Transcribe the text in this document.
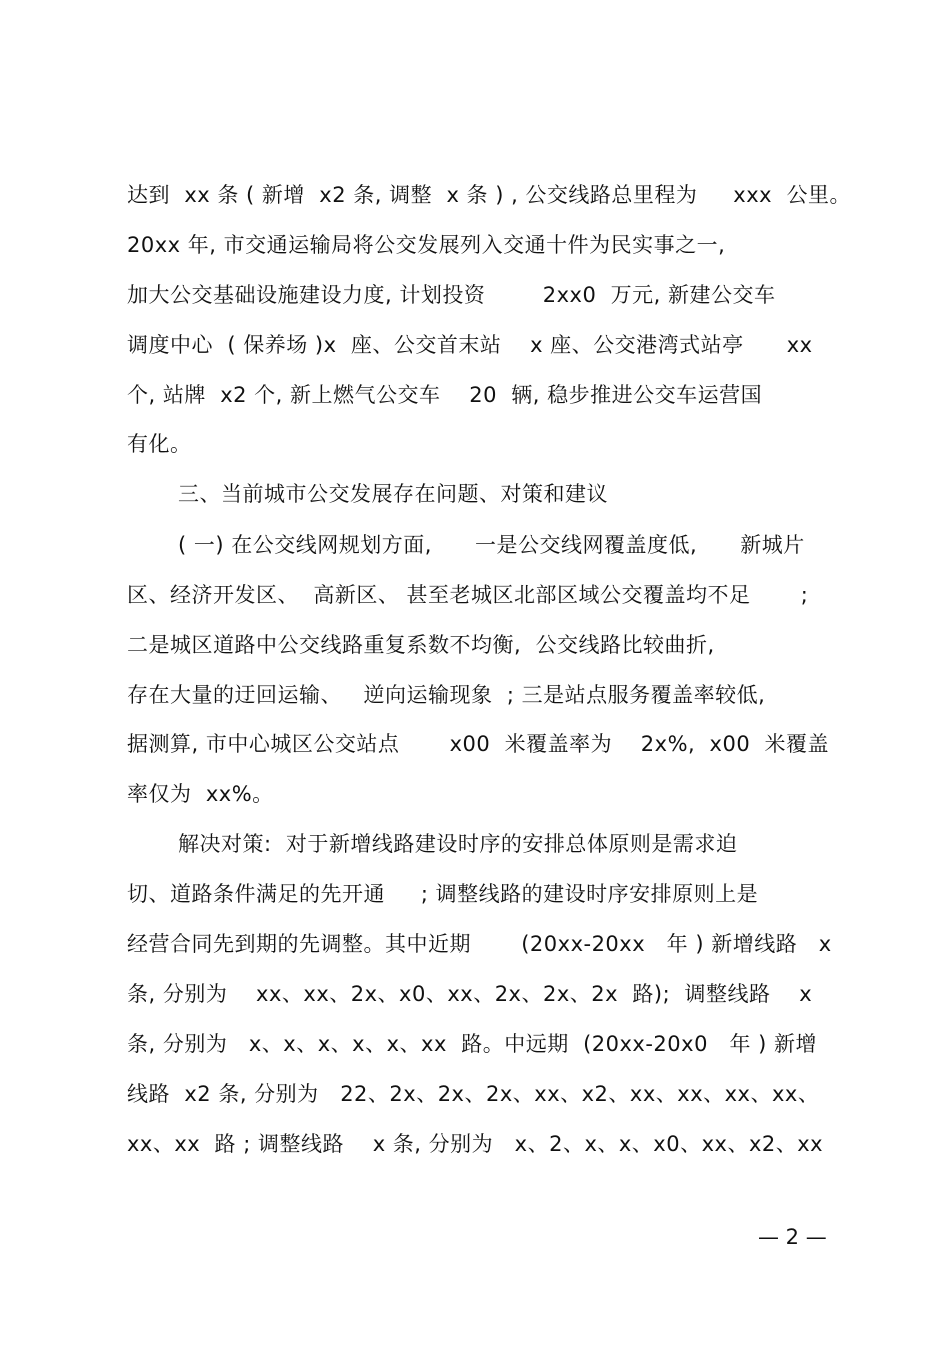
达到  xx 条 ( 新增  x2 条, 调整  x 条 ) , 公交线路总里程为     xxx  公里。
20xx 年, 市交通运输局将公交发展列入交通十件为民实事之一,
加大公交基础设施建设力度, 计划投资        2xx0  万元, 新建公交车
调度中心  ( 保养场 )x  座、公交首末站    x 座、公交港湾式站亭      xx
个, 站牌  x2 个, 新上燃气公交车    20  辆, 稳步推进公交车运营国
有化。
三、当前城市公交发展存在问题、对策和建议
( 一) 在公交线网规划方面,      一是公交线网覆盖度低,      新城片
区、经济开发区、  高新区、 甚至老城区北部区域公交覆盖均不足       ;
二是城区道路中公交线路重复系数不均衡,  公交线路比较曲折,
存在大量的迂回运输、   逆向运输现象  ; 三是站点服务覆盖率较低,
据测算, 市中心城区公交站点       x00  米覆盖率为    2x%,  x00  米覆盖
率仅为  xx%。
解决对策:  对于新增线路建设时序的安排总体原则是需求迫
切、道路条件满足的先开通     ; 调整线路的建设时序安排原则上是
经营合同先到期的先调整。其中近期       (20xx-20xx   年 ) 新增线路   x
条, 分别为    xx、xx、2x、x0、xx、2x、2x、2x  路);  调整线路    x
条, 分别为   x、x、x、x、x、xx  路。中远期  (20xx-20x0   年 ) 新增
线路  x2 条, 分别为   22、2x、2x、2x、xx、x2、xx、xx、xx、xx、
xx、xx  路 ; 调整线路    x 条, 分别为   x、2、x、x、x0、xx、x2、xx
— 2 —
